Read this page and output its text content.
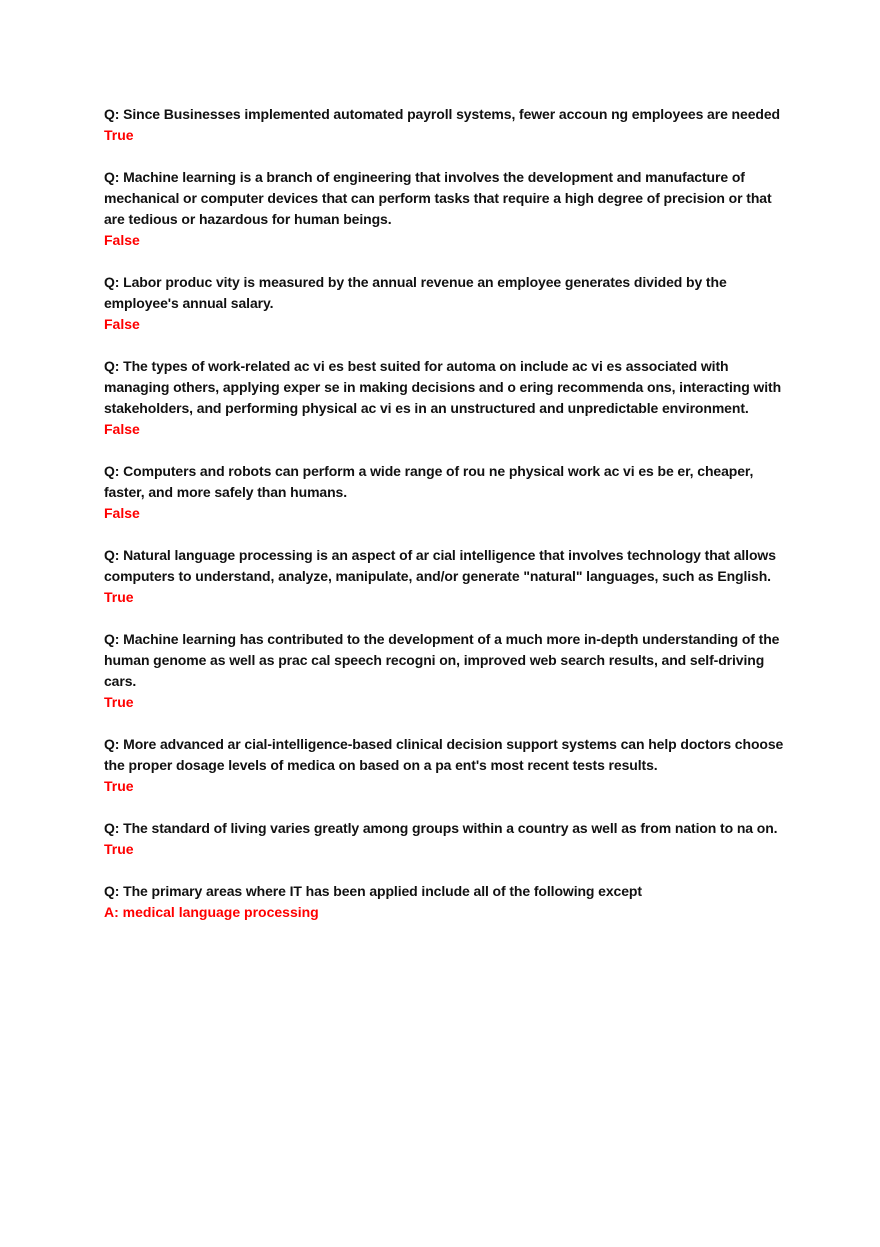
Q: Since Businesses implemented automated payroll systems, fewer accoun ng employees are needed

True

Q: Machine learning is a branch of engineering that involves the development and manufacture of mechanical or computer devices that can perform tasks that require a high degree of precision or that are tedious or hazardous for human beings.

False

Q: Labor produc vity is measured by the annual revenue an employee generates divided by the employee's annual salary.

False

Q: The types of work-related ac vi es best suited for automa on include ac vi es associated with managing others, applying exper se in making decisions and o ering recommenda ons, interacting with stakeholders, and performing physical ac vi es in an unstructured and unpredictable environment.

False

Q: Computers and robots can perform a wide range of rou ne physical work ac vi es be er, cheaper, faster, and more safely than humans.

False

Q: Natural language processing is an aspect of ar cial intelligence that involves technology that allows computers to understand, analyze, manipulate, and/or generate "natural" languages, such as English.

True

Q: Machine learning has contributed to the development of a much more in-depth understanding of the human genome as well as prac cal speech recogni on, improved web search results, and self-driving cars.

True

Q: More advanced ar cial-intelligence-based clinical decision support systems can help doctors choose the proper dosage levels of medica on based on a pa ent's most recent tests results.

True

Q: The standard of living varies greatly among groups within a country as well as from nation to na on.

True

Q: The primary areas where IT has been applied include all of the following except

A: medical language processing
